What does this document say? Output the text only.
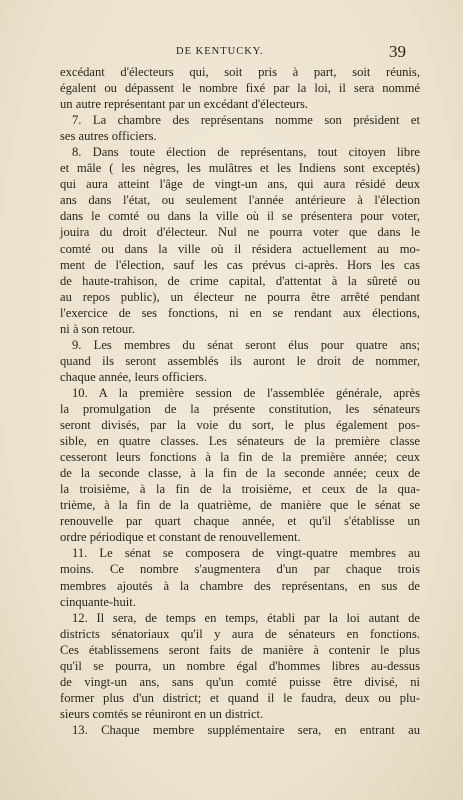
DE KENTUCKY.	39
excédant d'électeurs qui, soit pris à part, soit réunis,
égalent ou dépassent le nombre fixé par la loi, il sera nommé
un autre représentant par un excédant d'électeurs.
7. La chambre des représentans nomme son président et
ses autres officiers.
8. Dans toute élection de représentans, tout citoyen libre
et mâle ( les nègres, les mulâtres et les Indiens sont exceptés)
qui aura atteint l'âge de vingt-un ans, qui aura résidé deux
ans dans l'état, ou seulement l'année antérieure à l'élection
dans le comté ou dans la ville où il se présentera pour voter,
jouira du droit d'électeur. Nul ne pourra voter que dans le
comté ou dans la ville où il résidera actuellement au mo-
ment de l'élection, sauf les cas prévus ci-après. Hors les cas
de haute-trahison, de crime capital, d'attentat à la sûreté ou
au repos public), un électeur ne pourra être arrêté pendant
l'exercice de ses fonctions, ni en se rendant aux élections,
ni à son retour.
9. Les membres du sénat seront élus pour quatre ans;
quand ils seront assemblés ils auront le droit de nommer,
chaque année, leurs officiers.
10. A la première session de l'assemblée générale, après
la promulgation de la présente constitution, les sénateurs
seront divisés, par la voie du sort, le plus également pos-
sible, en quatre classes. Les sénateurs de la première classe
cesseront leurs fonctions à la fin de la première année; ceux
de la seconde classe, à la fin de la seconde année; ceux de
la troisième, à la fin de la troisième, et ceux de la qua-
trième, à la fin de la quatrième, de manière que le sénat se
renouvelle par quart chaque année, et qu'il s'établisse un
ordre périodique et constant de renouvellement.
11. Le sénat se composera de vingt-quatre membres au
moins. Ce nombre s'augmentera d'un par chaque trois
membres ajoutés à la chambre des représentans, en sus de
cinquante-huit.
12. Il sera, de temps en temps, établi par la loi autant de
districts sénatoriaux qu'il y aura de sénateurs en fonctions.
Ces établissemens seront faits de manière à contenir le plus
qu'il se pourra, un nombre égal d'hommes libres au-dessus
de vingt-un ans, sans qu'un comté puisse être divisé, ni
former plus d'un district; et quand il le faudra, deux ou plu-
sieurs comtés se réuniront en un district.
13. Chaque membre supplémentaire sera, en entrant au
